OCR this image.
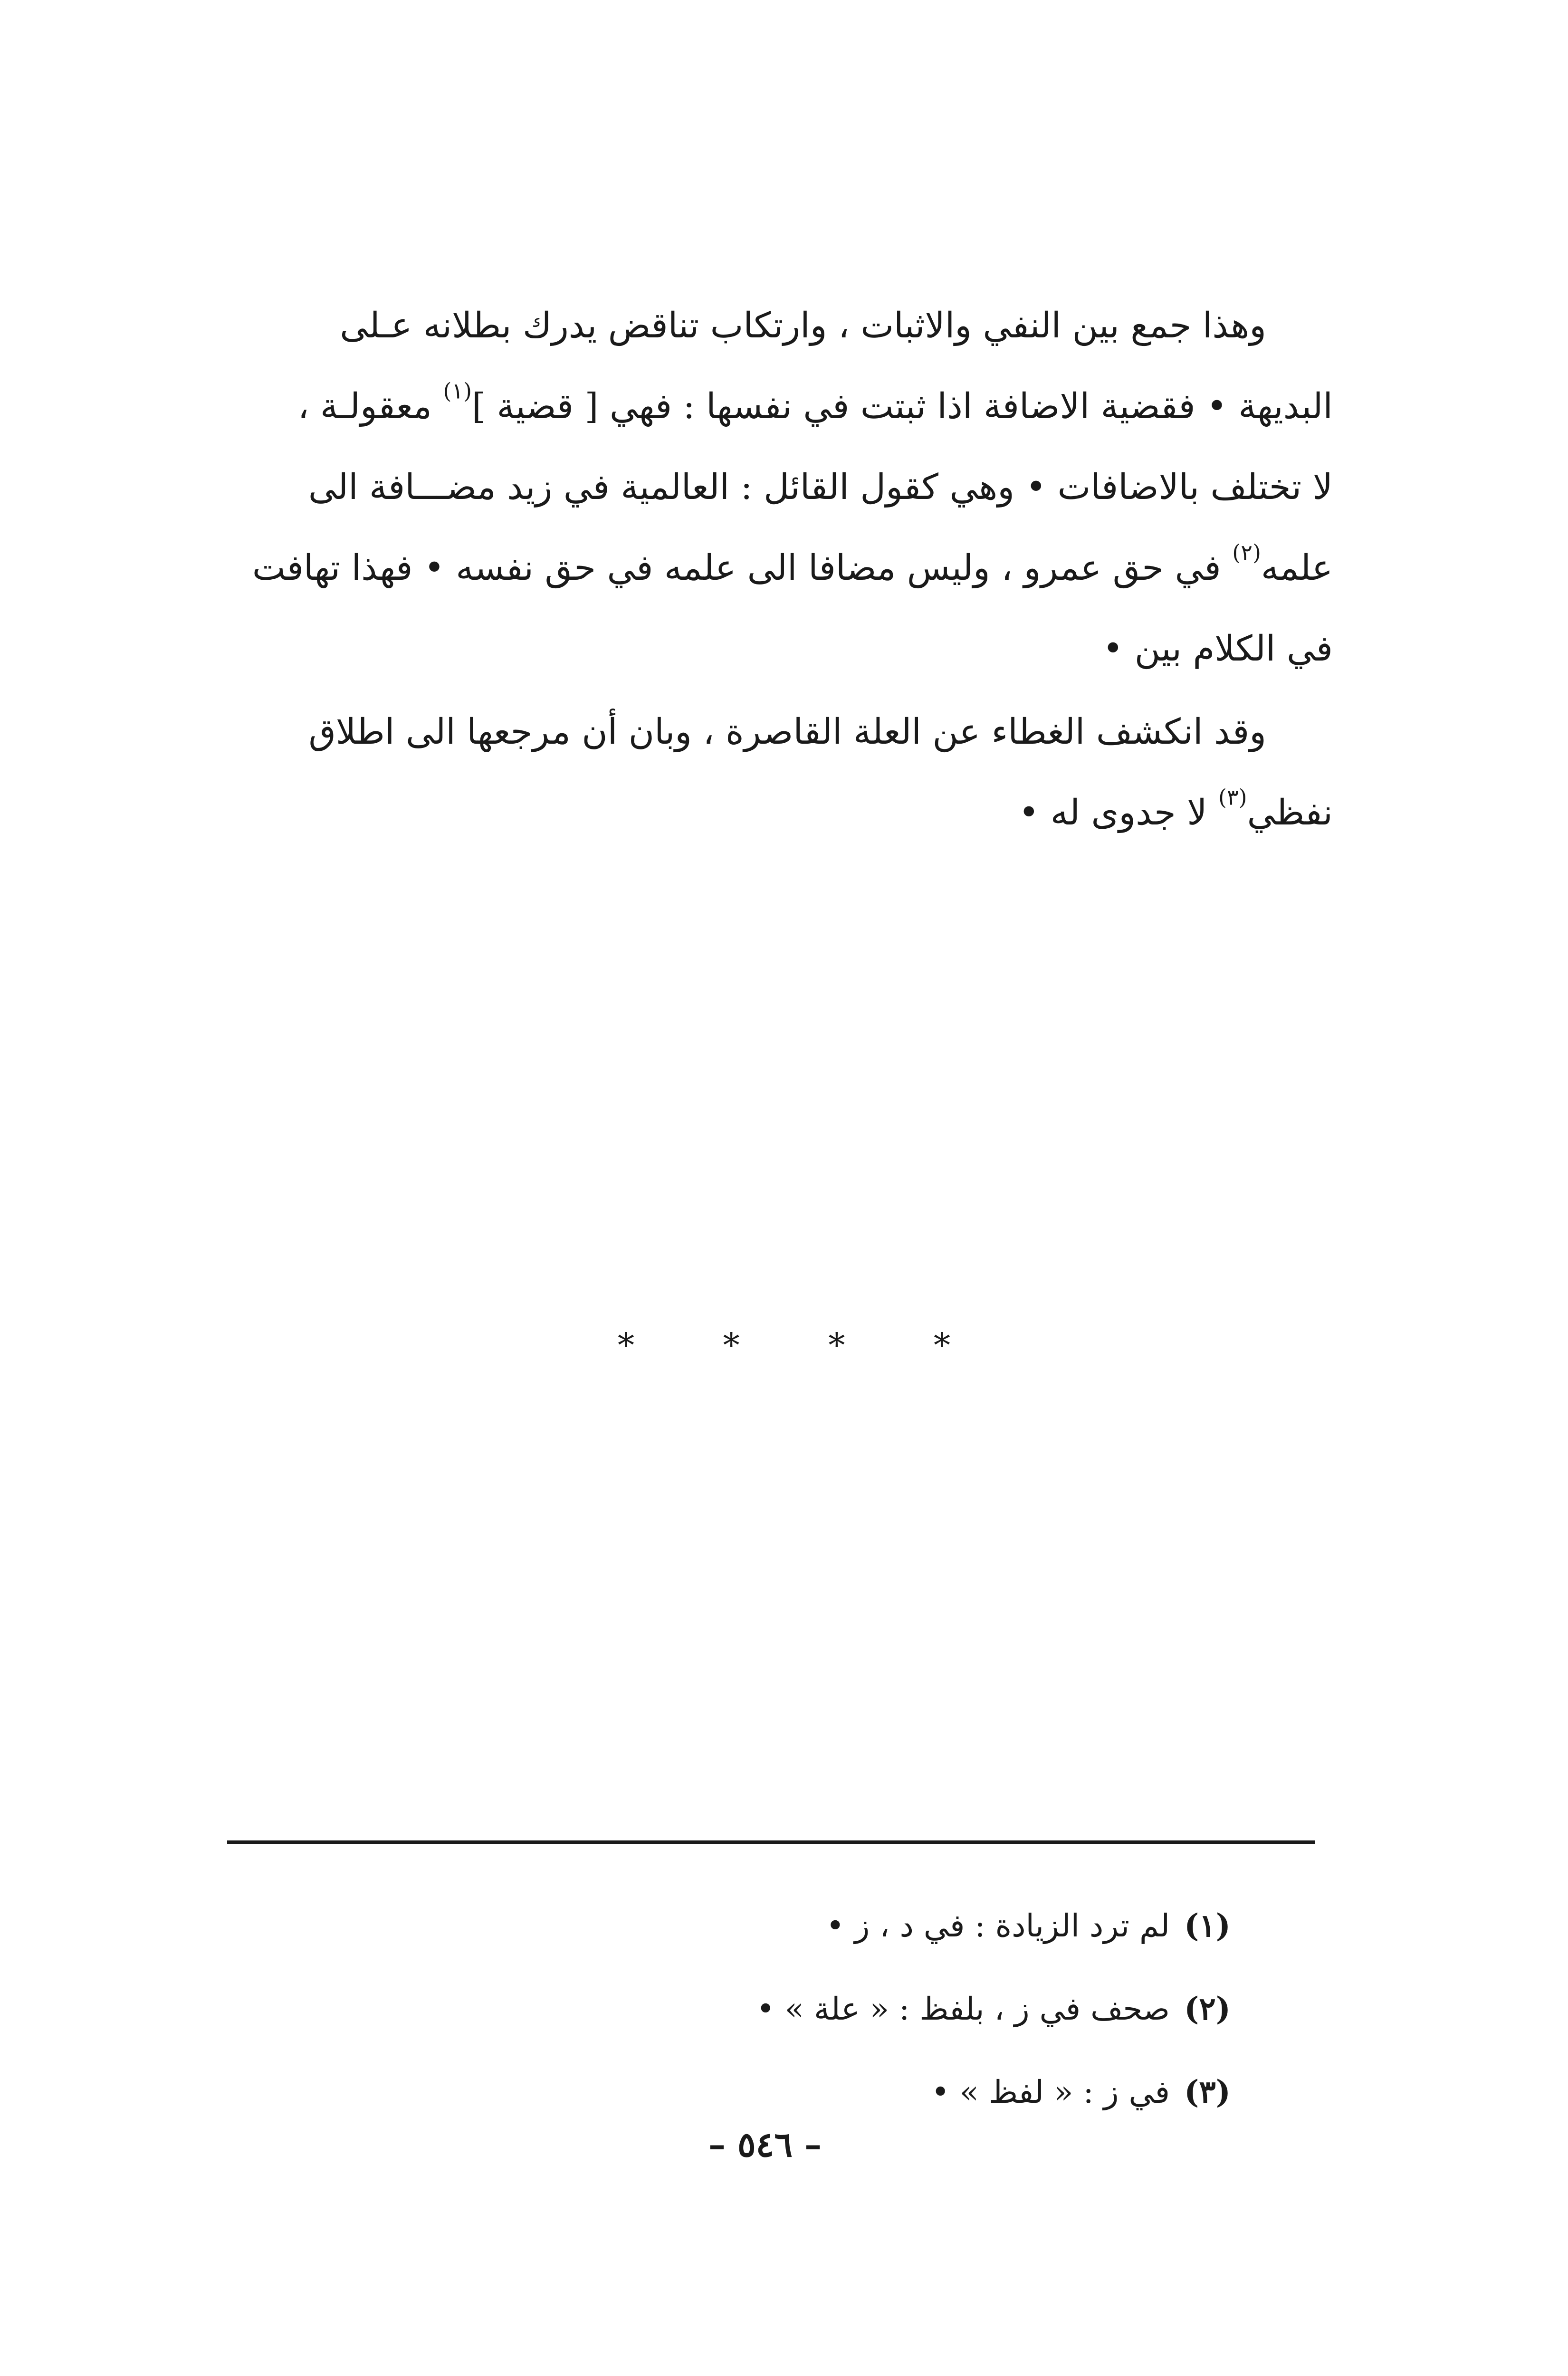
وهذا جمع بين النفي والاثبات ، وارتكاب تناقض يدرك بطلانه عـلى
البديهة • فقضية الاضافة اذا ثبتت في نفسها : فهي [ قضية ]$^{(١)}$ معقولـة ،
لا تختلف بالاضافات • وهي كقول القائل : العالمية في زيد مضـــافة الى
علمه$^{(٢)}$ في حق عمرو ، وليس مضافا الى علمه في حق نفسه • فهذا تهافت
في الكلام بين •
وقد انكشف الغطاء عن العلة القاصرة ، وبان أن مرجعها الى اطلاق
نفظي$^{(٣)}$ لا جدوى له •
*	*	*	*
(١)لم ترد الزيادة : في د ، ز •
(٢)صحف في ز ، بلفظ : « علة » •
(٣)في ز : « لفظ » •
– ٥٤٦ –
